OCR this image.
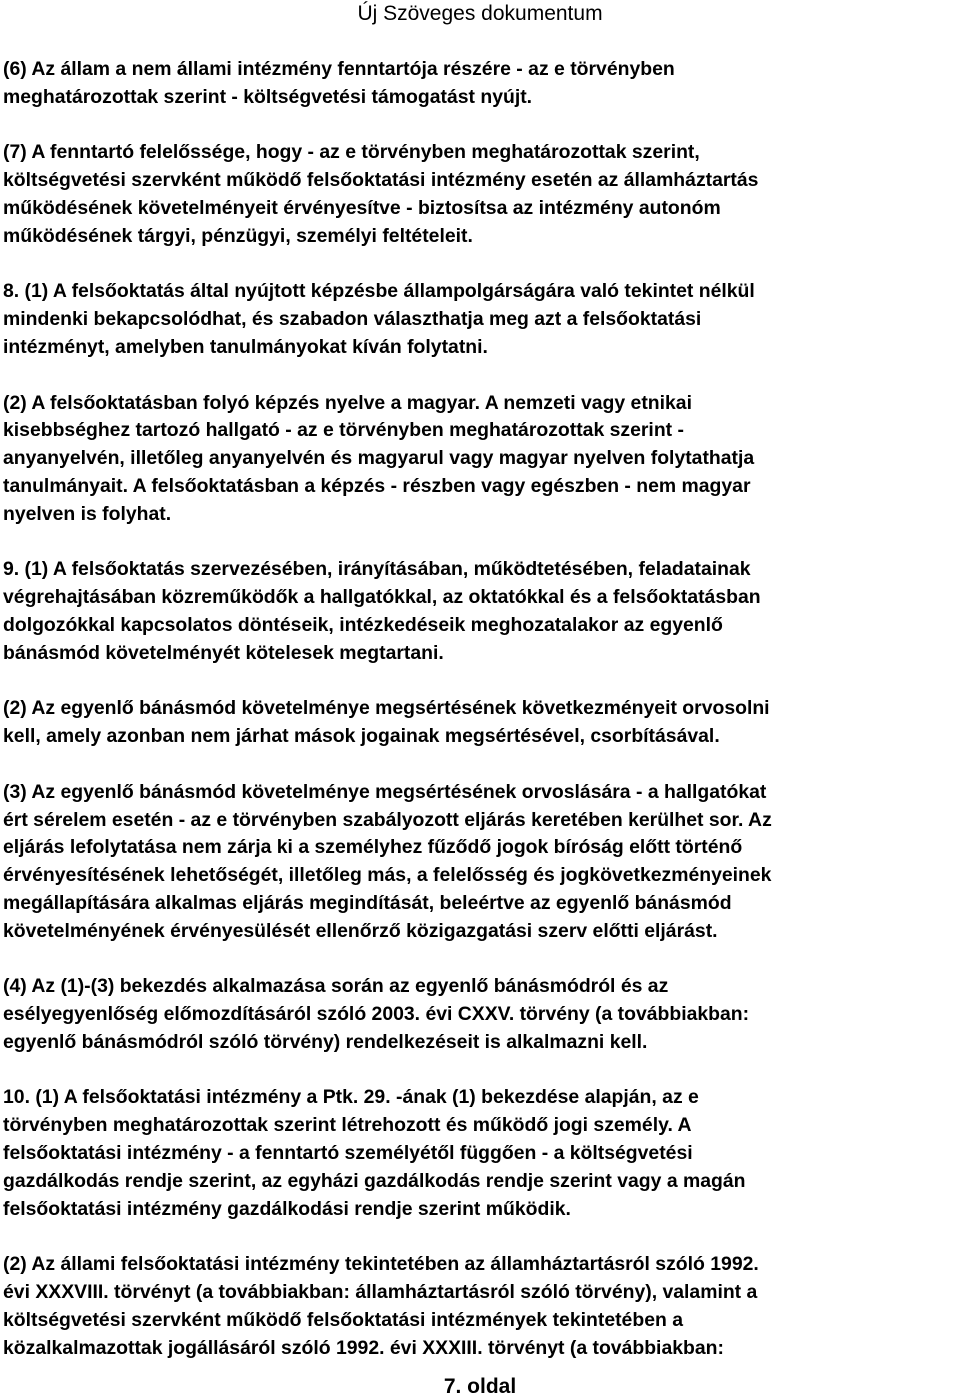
Új Szöveges dokumentum
(6) Az állam a nem állami intézmény fenntartója részére - az e törvényben
meghatározottak szerint - költségvetési támogatást nyújt.
(7) A fenntartó felelőssége, hogy - az e törvényben meghatározottak szerint,
költségvetési szervként működő felsőoktatási intézmény esetén az államháztartás
működésének követelményeit érvényesítve - biztosítsa az intézmény autonóm
működésének tárgyi, pénzügyi, személyi feltételeit.
8. (1) A felsőoktatás által nyújtott képzésbe állampolgárságára való tekintet nélkül
mindenki bekapcsolódhat, és szabadon választhatja meg azt a felsőoktatási
intézményt, amelyben tanulmányokat kíván folytatni.
(2) A felsőoktatásban folyó képzés nyelve a magyar. A nemzeti vagy etnikai
kisebbséghez tartozó hallgató - az e törvényben meghatározottak szerint -
anyanyelvén, illetőleg anyanyelvén és magyarul vagy magyar nyelven folytathatja
tanulmányait. A felsőoktatásban a képzés - részben vagy egészben - nem magyar
nyelven is folyhat.
9. (1) A felsőoktatás szervezésében, irányításában, működtetésében, feladatainak
végrehajtásában közreműködők a hallgatókkal, az oktatókkal és a felsőoktatásban
dolgozókkal kapcsolatos döntéseik, intézkedéseik meghozatalakor az egyenlő
bánásmód követelményét kötelesek megtartani.
(2) Az egyenlő bánásmód követelménye megsértésének következményeit orvosolni
kell, amely azonban nem járhat mások jogainak megsértésével, csorbításával.
(3) Az egyenlő bánásmód követelménye megsértésének orvoslására - a hallgatókat
ért sérelem esetén - az e törvényben szabályozott eljárás keretében kerülhet sor. Az
eljárás lefolytatása nem zárja ki a személyhez fűződő jogok bíróság előtt történő
érvényesítésének lehetőségét, illetőleg más, a felelősség és jogkövetkezményeinek
megállapítására alkalmas eljárás megindítását, beleértve az egyenlő bánásmód
követelményének érvényesülését ellenőrző közigazgatási szerv előtti eljárást.
(4) Az (1)-(3) bekezdés alkalmazása során az egyenlő bánásmódról és az
esélyegyenlőség előmozdításáról szóló 2003. évi CXXV. törvény (a továbbiakban:
egyenlő bánásmódról szóló törvény) rendelkezéseit is alkalmazni kell.
10. (1) A felsőoktatási intézmény a Ptk. 29. -ának (1) bekezdése alapján, az e
törvényben meghatározottak szerint létrehozott és működő jogi személy. A
felsőoktatási intézmény - a fenntartó személyétől függően - a költségvetési
gazdálkodás rendje szerint, az egyházi gazdálkodás rendje szerint vagy a magán
felsőoktatási intézmény gazdálkodási rendje szerint működik.
(2) Az állami felsőoktatási intézmény tekintetében az államháztartásról szóló 1992.
évi XXXVIII. törvényt (a továbbiakban: államháztartásról szóló törvény), valamint a
költségvetési szervként működő felsőoktatási intézmények tekintetében a
közalkalmazottak jogállásáról szóló 1992. évi XXXIII. törvényt (a továbbiakban:
7. oldal
